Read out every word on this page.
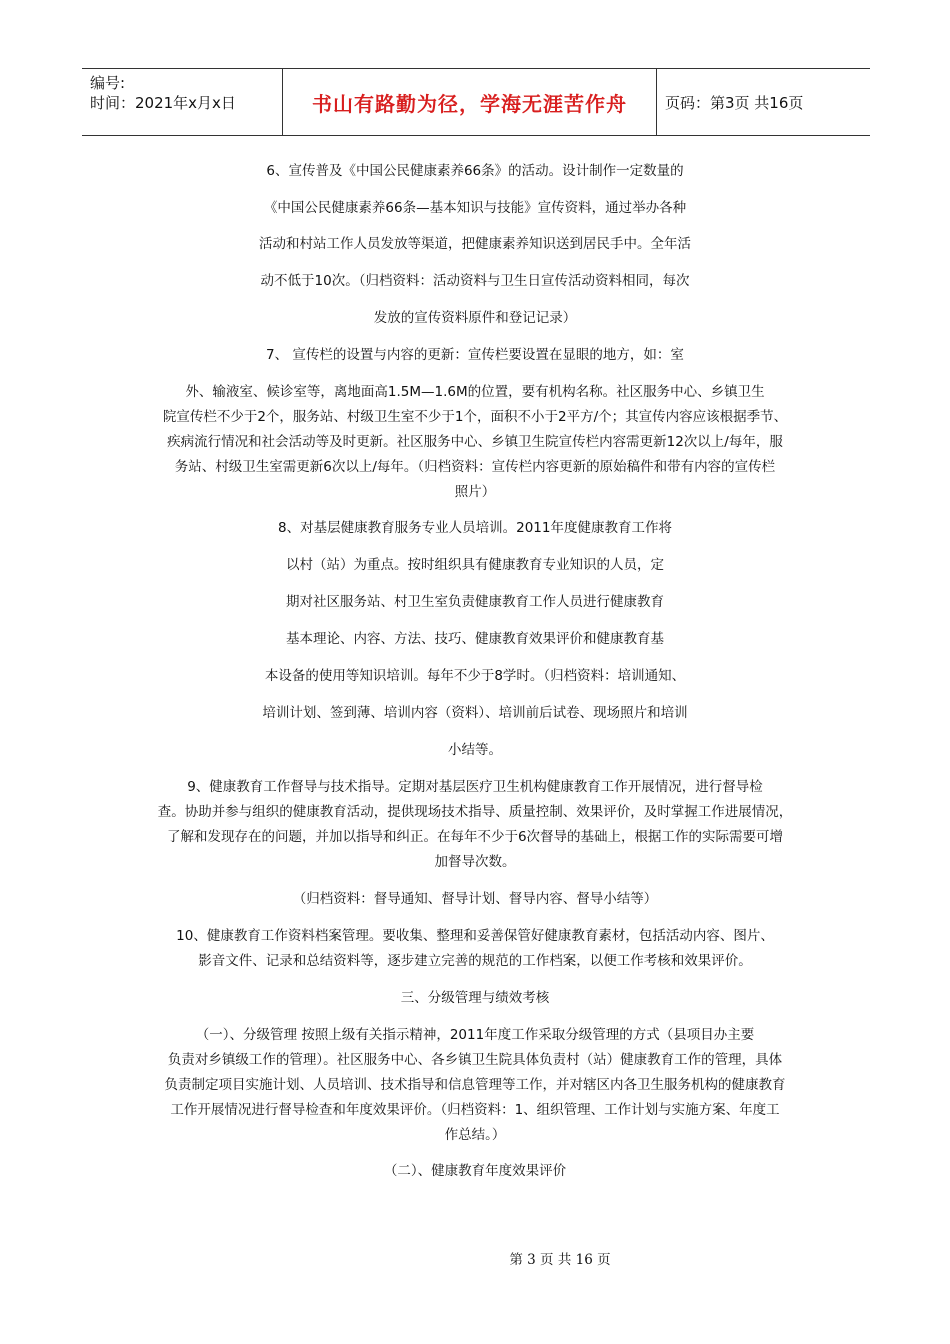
编号:
时间：2021年x月x日	书山有路勤为径，学海无涯苦作舟	页码：第3页 共16页
6、宣传普及《中国公民健康素养66条》的活动。设计制作一定数量的
《中国公民健康素养66条—基本知识与技能》宣传资料，通过举办各种
活动和村站工作人员发放等渠道，把健康素养知识送到居民手中。全年活
动不低于10次。（归档资料：活动资料与卫生日宣传活动资料相同，每次
发放的宣传资料原件和登记记录）
7、 宣传栏的设置与内容的更新：宣传栏要设置在显眼的地方，如：室
外、输液室、候诊室等，离地面高1.5M—1.6M的位置，要有机构名称。社区服务中心、乡镇卫生
院宣传栏不少于2个，服务站、村级卫生室不少于1个，面积不小于2平方/个；其宣传内容应该根据季节、
疾病流行情况和社会活动等及时更新。社区服务中心、乡镇卫生院宣传栏内容需更新12次以上/每年，服
务站、村级卫生室需更新6次以上/每年。（归档资料：宣传栏内容更新的原始稿件和带有内容的宣传栏
照片）
8、对基层健康教育服务专业人员培训。2011年度健康教育工作将
以村（站）为重点。按时组织具有健康教育专业知识的人员，定
期对社区服务站、村卫生室负责健康教育工作人员进行健康教育
基本理论、内容、方法、技巧、健康教育效果评价和健康教育基
本设备的使用等知识培训。每年不少于8学时。（归档资料：培训通知、
培训计划、签到薄、培训内容（资料）、培训前后试卷、现场照片和培训
小结等。
9、健康教育工作督导与技术指导。定期对基层医疗卫生机构健康教育工作开展情况，进行督导检
查。协助并参与组织的健康教育活动，提供现场技术指导、质量控制、效果评价，及时掌握工作进展情况，
了解和发现存在的问题，并加以指导和纠正。在每年不少于6次督导的基础上，根据工作的实际需要可增
加督导次数。
（归档资料：督导通知、督导计划、督导内容、督导小结等）
10、健康教育工作资料档案管理。要收集、整理和妥善保管好健康教育素材，包括活动内容、图片、
影音文件、记录和总结资料等，逐步建立完善的规范的工作档案，以便工作考核和效果评价。
三、分级管理与绩效考核
（一）、分级管理 按照上级有关指示精神，2011年度工作采取分级管理的方式（县项目办主要
负责对乡镇级工作的管理）。社区服务中心、各乡镇卫生院具体负责村（站）健康教育工作的管理，具体
负责制定项目实施计划、人员培训、技术指导和信息管理等工作，并对辖区内各卫生服务机构的健康教育
工作开展情况进行督导检查和年度效果评价。（归档资料：1、组织管理、工作计划与实施方案、年度工
作总结。）
（二）、健康教育年度效果评价
第 3 页 共 16 页
